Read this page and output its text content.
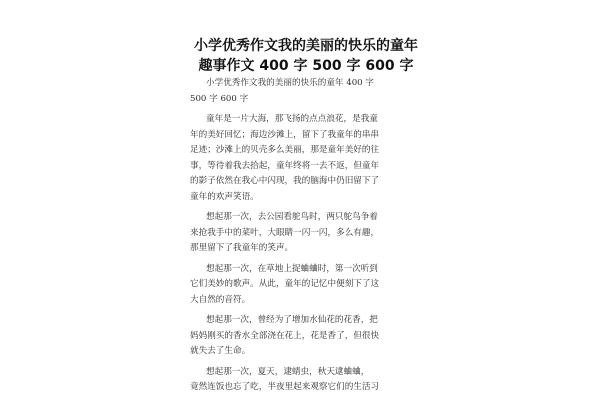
小学优秀作文我的美丽的快乐的童年
趣事作文 400 字 500 字 600 字
小学优秀作文我的美丽的快乐的童年 400 字
500 字 600 字
童年是一片大海，那飞扬的点点浪花，是我童
年的美好回忆；海边沙滩上，留下了我童年的串串
足迹；沙滩上的贝壳多么美丽，那是童年美好的往
事，等待着我去拾起，童年终将一去不返，但童年
的影子依然在我心中闪现，我的脑海中仍旧留下了
童年的欢声笑语。
想起那一次，去公园看鸵鸟时，两只鸵鸟争着
来抢我手中的菜叶，大眼睛一闪一闪，多么有趣，
那里留下了我童年的笑声。
想起那一次，在草地上捉蛐蛐时，第一次听到
它们美妙的歌声。从此，童年的记忆中便刻下了这
大自然的音符。
想起那一次，曾经为了增加水仙花的花香，把
妈妈刚买的香水全部浇在花上，花是香了，但很快
就失去了生命。
想起那一次，夏天，逮蜻虫，秋天逮蛐蛐，
竟然连饭也忘了吃，半夜里起来观察它们的生活习
